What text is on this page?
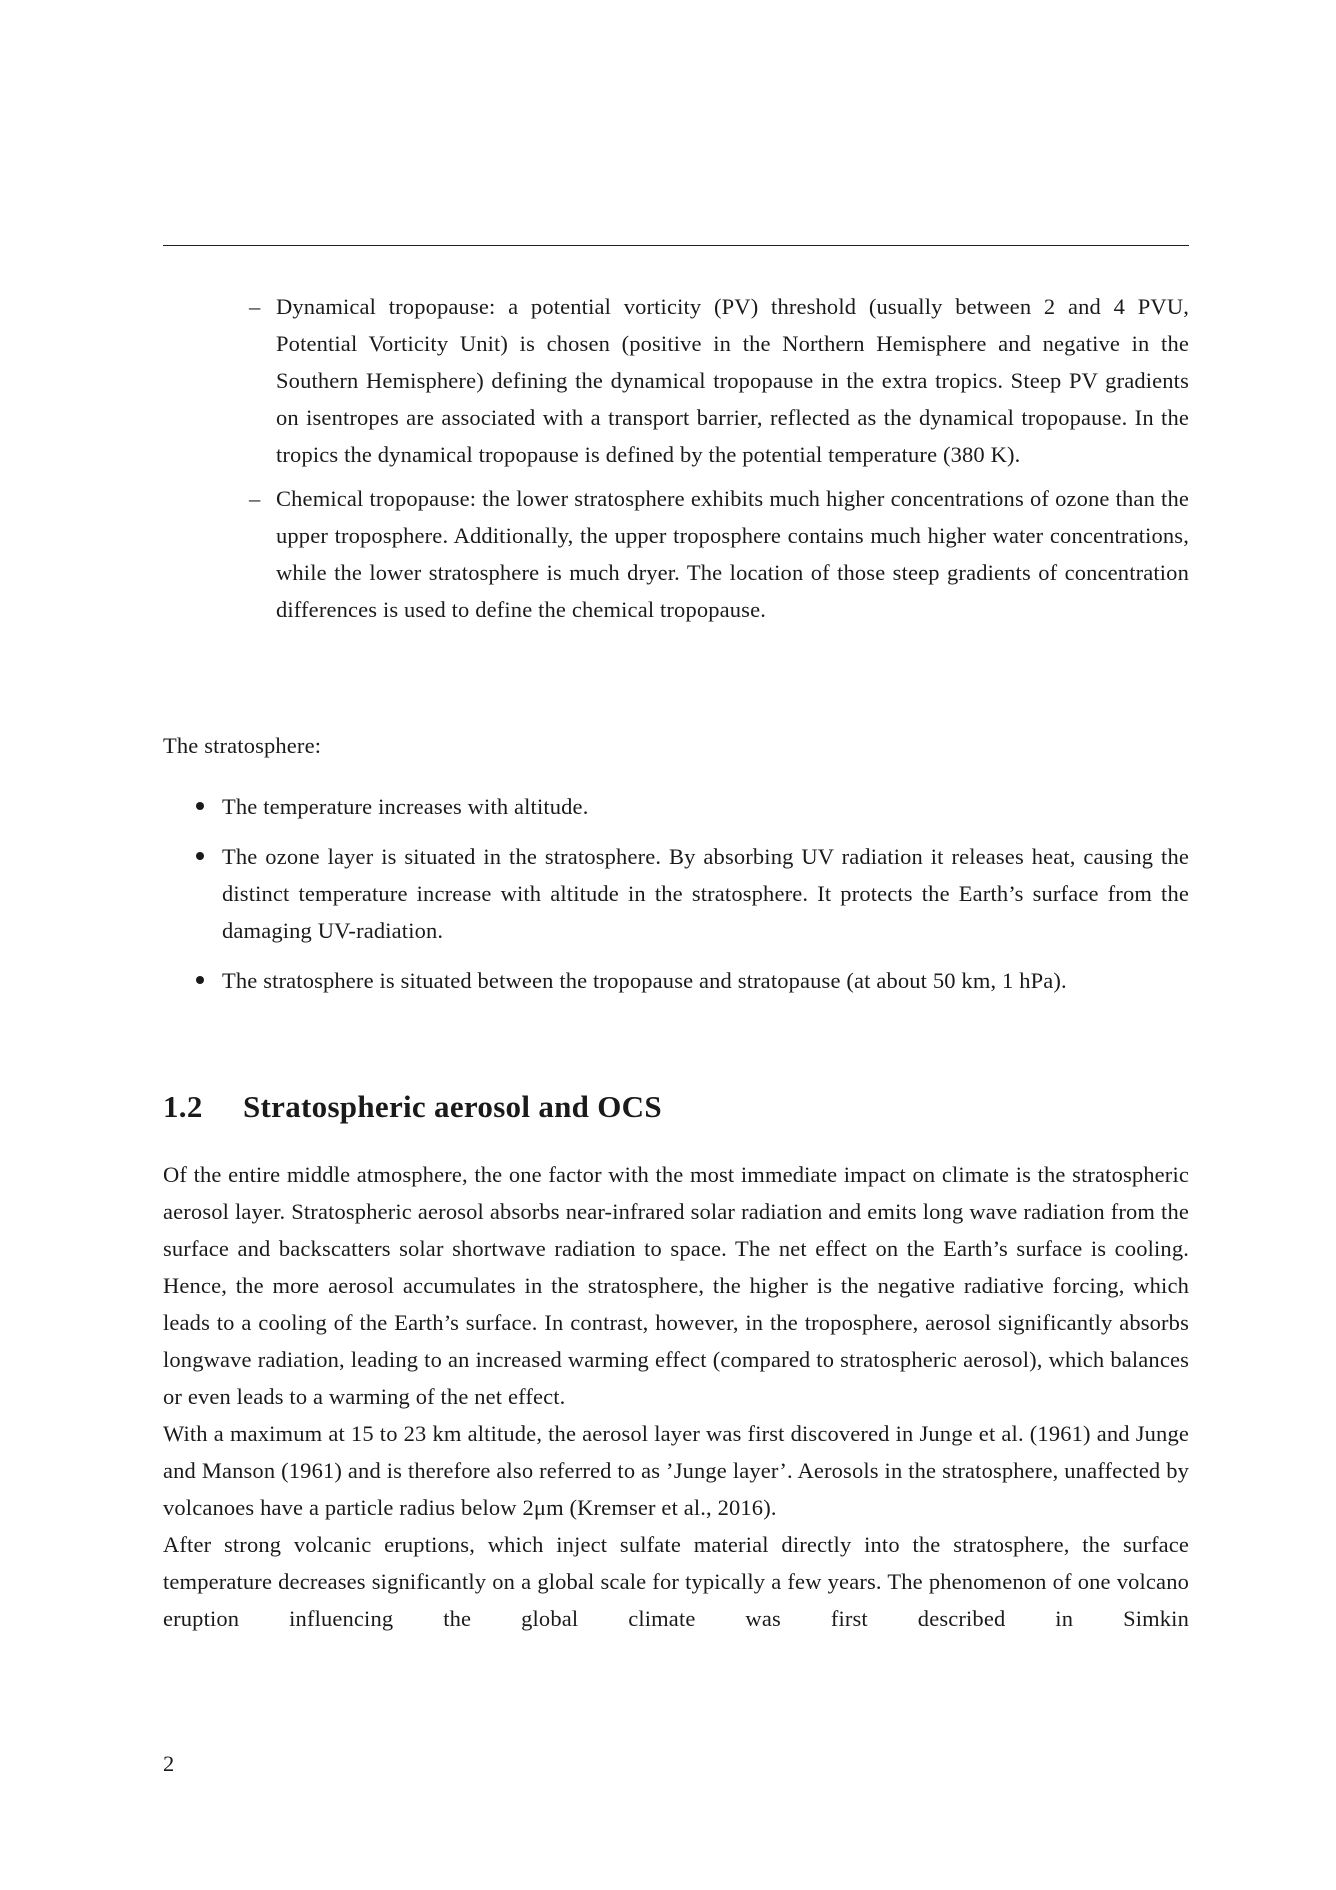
– Dynamical tropopause: a potential vorticity (PV) threshold (usually between 2 and 4 PVU, Potential Vorticity Unit) is chosen (positive in the Northern Hemisphere and negative in the Southern Hemisphere) defining the dynamical tropopause in the extra tropics. Steep PV gradients on isentropes are associated with a transport barrier, reflected as the dynamical tropopause. In the tropics the dynamical tropopause is defined by the potential temperature (380 K).
– Chemical tropopause: the lower stratosphere exhibits much higher concentrations of ozone than the upper troposphere. Additionally, the upper troposphere contains much higher water concentrations, while the lower stratosphere is much dryer. The location of those steep gradients of concentration differences is used to define the chemical tropopause.
The stratosphere:
The temperature increases with altitude.
The ozone layer is situated in the stratosphere. By absorbing UV radiation it releases heat, causing the distinct temperature increase with altitude in the stratosphere. It protects the Earth’s surface from the damaging UV-radiation.
The stratosphere is situated between the tropopause and stratopause (at about 50 km, 1 hPa).
1.2 Stratospheric aerosol and OCS

Of the entire middle atmosphere, the one factor with the most immediate impact on climate is the stratospheric aerosol layer. Stratospheric aerosol absorbs near-infrared solar radiation and emits long wave radiation from the surface and backscatters solar shortwave radiation to space. The net effect on the Earth’s surface is cooling. Hence, the more aerosol accumulates in the stratosphere, the higher is the negative radiative forcing, which leads to a cooling of the Earth’s surface. In contrast, however, in the troposphere, aerosol significantly absorbs longwave radiation, leading to an increased warming effect (compared to stratospheric aerosol), which balances or even leads to a warming of the net effect.

With a maximum at 15 to 23 km altitude, the aerosol layer was first discovered in Junge et al. (1961) and Junge and Manson (1961) and is therefore also referred to as ’Junge layer’. Aerosols in the stratosphere, unaffected by volcanoes have a particle radius below 2μm (Kremser et al., 2016).

After strong volcanic eruptions, which inject sulfate material directly into the stratosphere, the surface temperature decreases significantly on a global scale for typically a few years. The phenomenon of one volcano eruption influencing the global climate was first described in Simkin

2
